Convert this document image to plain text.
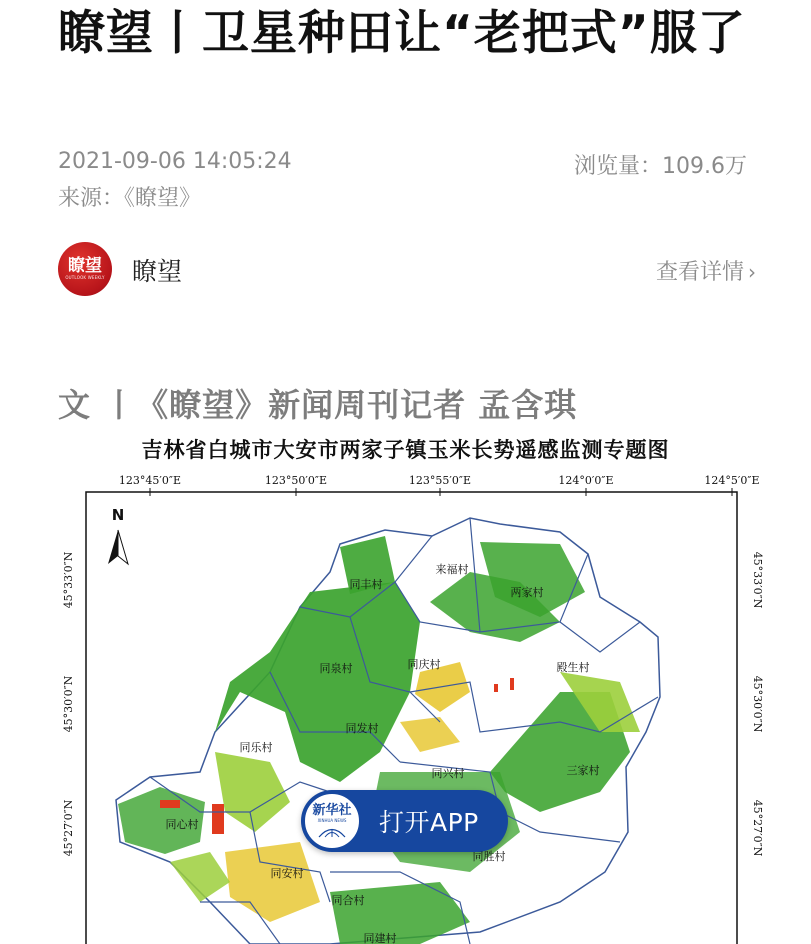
瞭望丨卫星种田让“老把式”服了
2021-09-06 14:05:24	浏览量：109.6万
来源：《瞭望》
瞭望
OUTLOOK WEEKLY 瞭望	查看详情 ›
文 丨《瞭望》新闻周刊记者 孟含琪
吉林省白城市大安市两家子镇玉米长势遥感监测专题图
123°45′0″E	123°50′0″E	123°55′0″E	124°0′0″E	124°5′0″E
45°33′0″N	45°33′0″N
45°30′0″N	45°30′0″N
45°27′0″N	45°27′0″N
N
同丰村
来福村
两家村
同庆村
同泉村	殿生村
同发村
同乐村
同兴村	三家村
同心村
同胜村
同安村
同合村
同建村
新华社
XINHUA NEWS 打开APP
